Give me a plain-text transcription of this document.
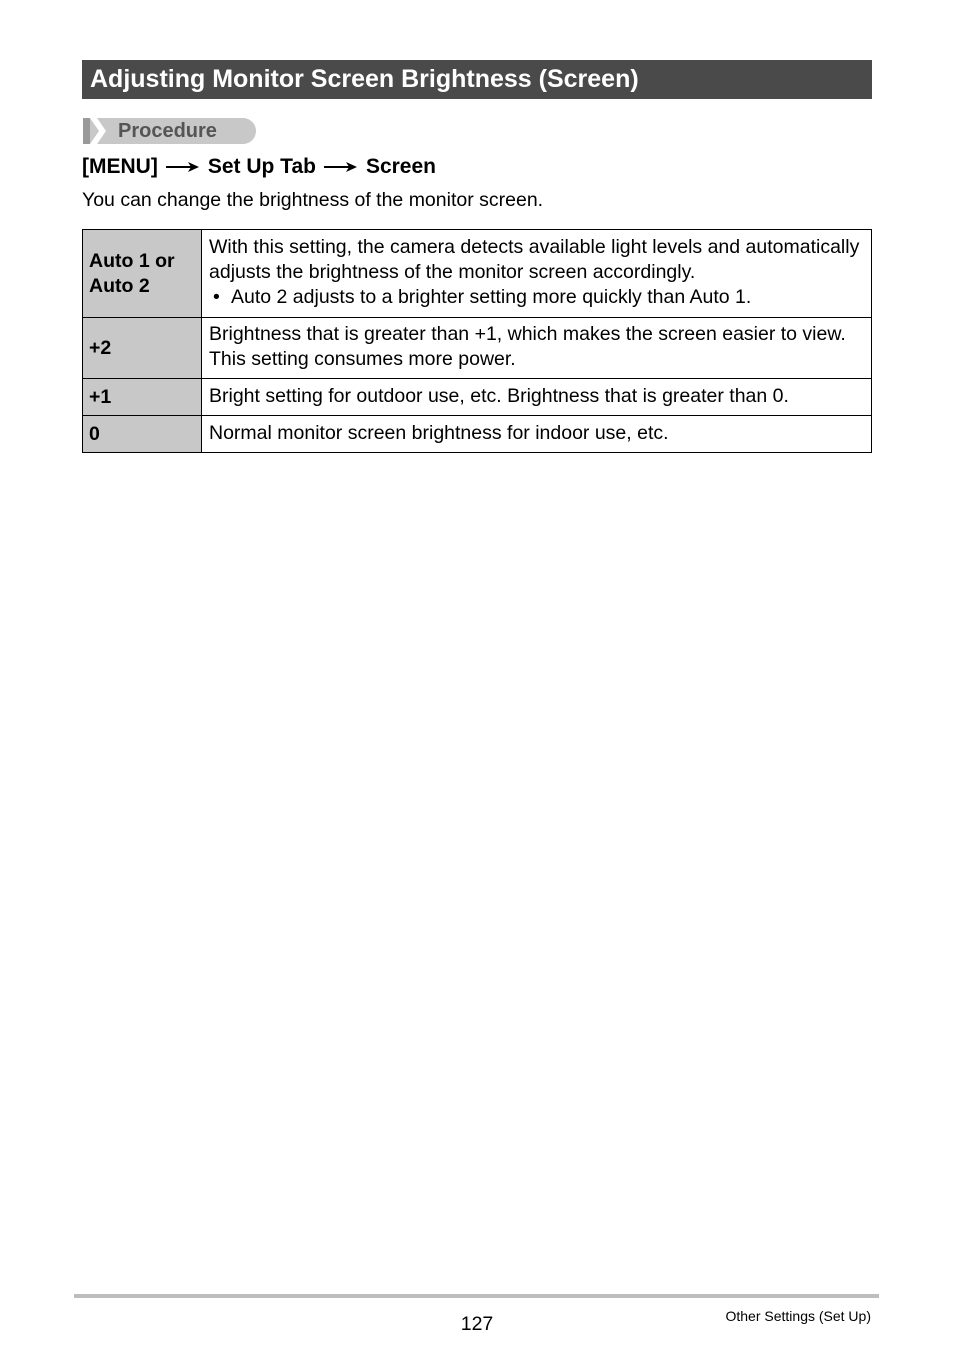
Adjusting Monitor Screen Brightness (Screen)
Procedure
[MENU] Set Up Tab Screen
You can change the brightness of the monitor screen.
Auto 1 or
Auto 2	With this setting, the camera detects available light levels and automatically adjusts the brightness of the monitor screen accordingly.
• Auto 2 adjusts to a brighter setting more quickly than Auto 1.

+2	Brightness that is greater than +1, which makes the screen easier to view. This setting consumes more power.
+1	Bright setting for outdoor use, etc. Brightness that is greater than 0.
0	Normal monitor screen brightness for indoor use, etc.
127	Other Settings (Set Up)
